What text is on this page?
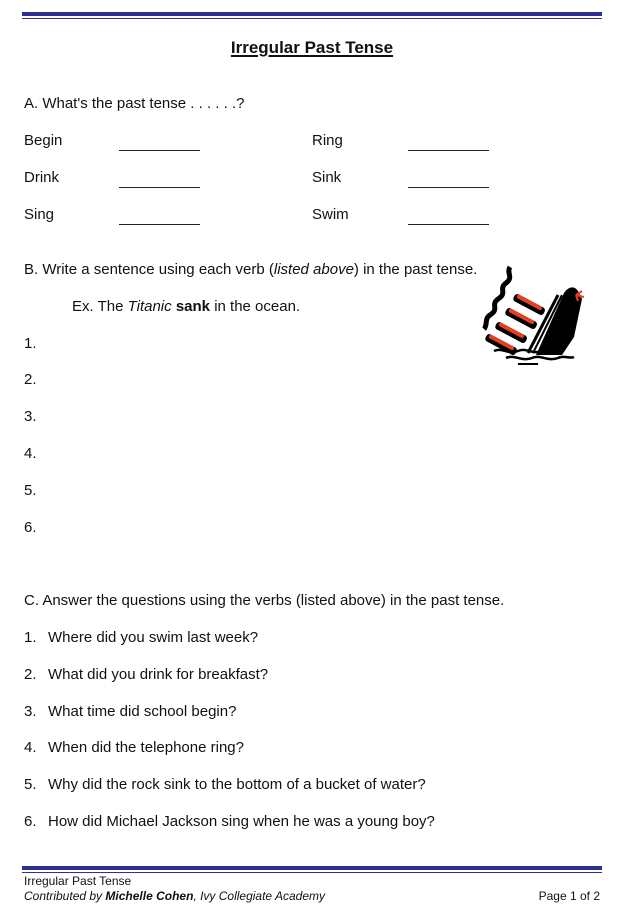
Irregular Past Tense
A. What's the past tense . . . . . .?
Begin
Drink
Sing
Ring
Sink
Swim
B. Write a sentence using each verb (listed above) in the past tense.
Ex. The Titanic sank in the ocean.
1.
2.
3.
4.
5.
6.
C. Answer the questions using the verbs (listed above) in the past tense.
1. Where did you swim last week?
2. What did you drink for breakfast?
3. What time did school begin?
4. When did the telephone ring?
5. Why did the rock sink to the bottom of a bucket of water?
6. How did Michael Jackson sing when he was a young boy?
Irregular Past Tense
Contributed by Michelle Cohen, Ivy Collegiate Academy	Page 1 of 2
